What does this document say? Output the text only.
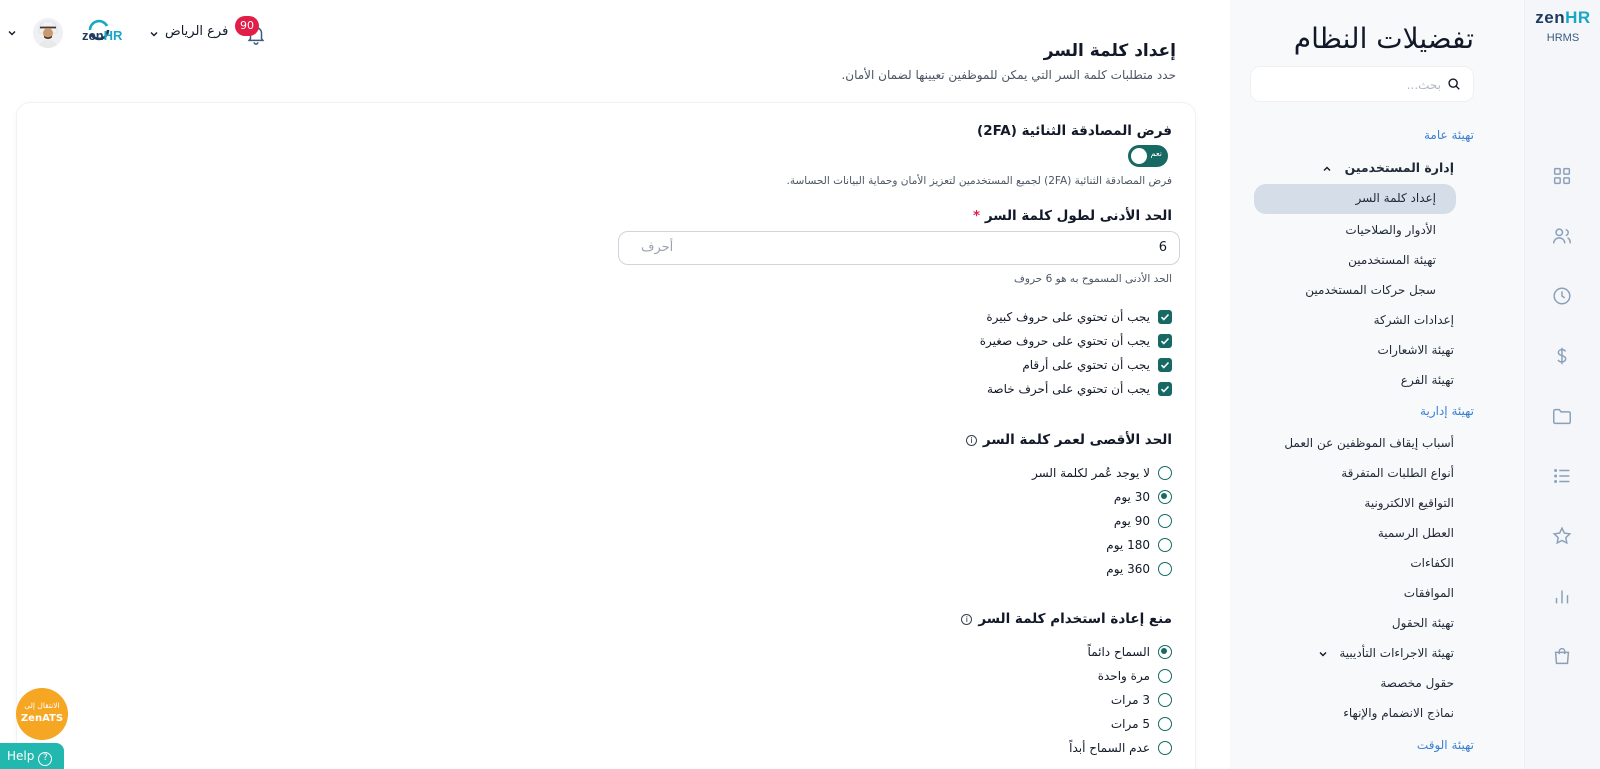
zenHR
HRMS
تفضيلات النظام
بحث...
تهيئة عامة
إدارة المستخدمين
إعداد كلمة السر
الأدوار والصلاحيات
تهيئة المستخدمين
سجل حركات المستخدمين
إعدادات الشركة
تهيئة الاشعارات
تهيئة الفرع
تهيئة إدارية
أسباب إيقاف الموظفين عن العمل
أنواع الطلبات المتفرقة
التواقيع الالكترونية
العطل الرسمية
الكفاءات
الموافقات
تهيئة الحقول
تهيئة الاجراءات التأديبية
حقول مخصصة
نماذج الانضمام والإنهاء
تهيئة الوقت
zenHR	فرع الرياض	90
إعداد كلمة السر
حدد متطلبات كلمة السر التي يمكن للموظفين تعيينها لضمان الأمان.
فرض المصادقة الثنائية (2FA)
نعم
فرض المصادقة الثنائية (2FA) لجميع المستخدمين لتعزيز الأمان وحماية البيانات الحساسة.
الحد الأدنى لطول كلمة السر *
6
أحرف
الحد الأدنى المسموح به هو 6 حروف
يجب أن تحتوي على حروف كبيرة
يجب أن تحتوي على حروف صغيرة
يجب أن تحتوي على أرقام
يجب أن تحتوي على أحرف خاصة
الحد الأقصى لعمر كلمة السرi
لا يوجد عُمر لكلمة السر
30 يوم
90 يوم
180 يوم
360 يوم
منع إعادة استخدام كلمة السرi
السماح دائماً
مرة واحدة
3 مرات
5 مرات
عدم السماح أبداً
الانتقال إلى
ZenATS
Help ?
